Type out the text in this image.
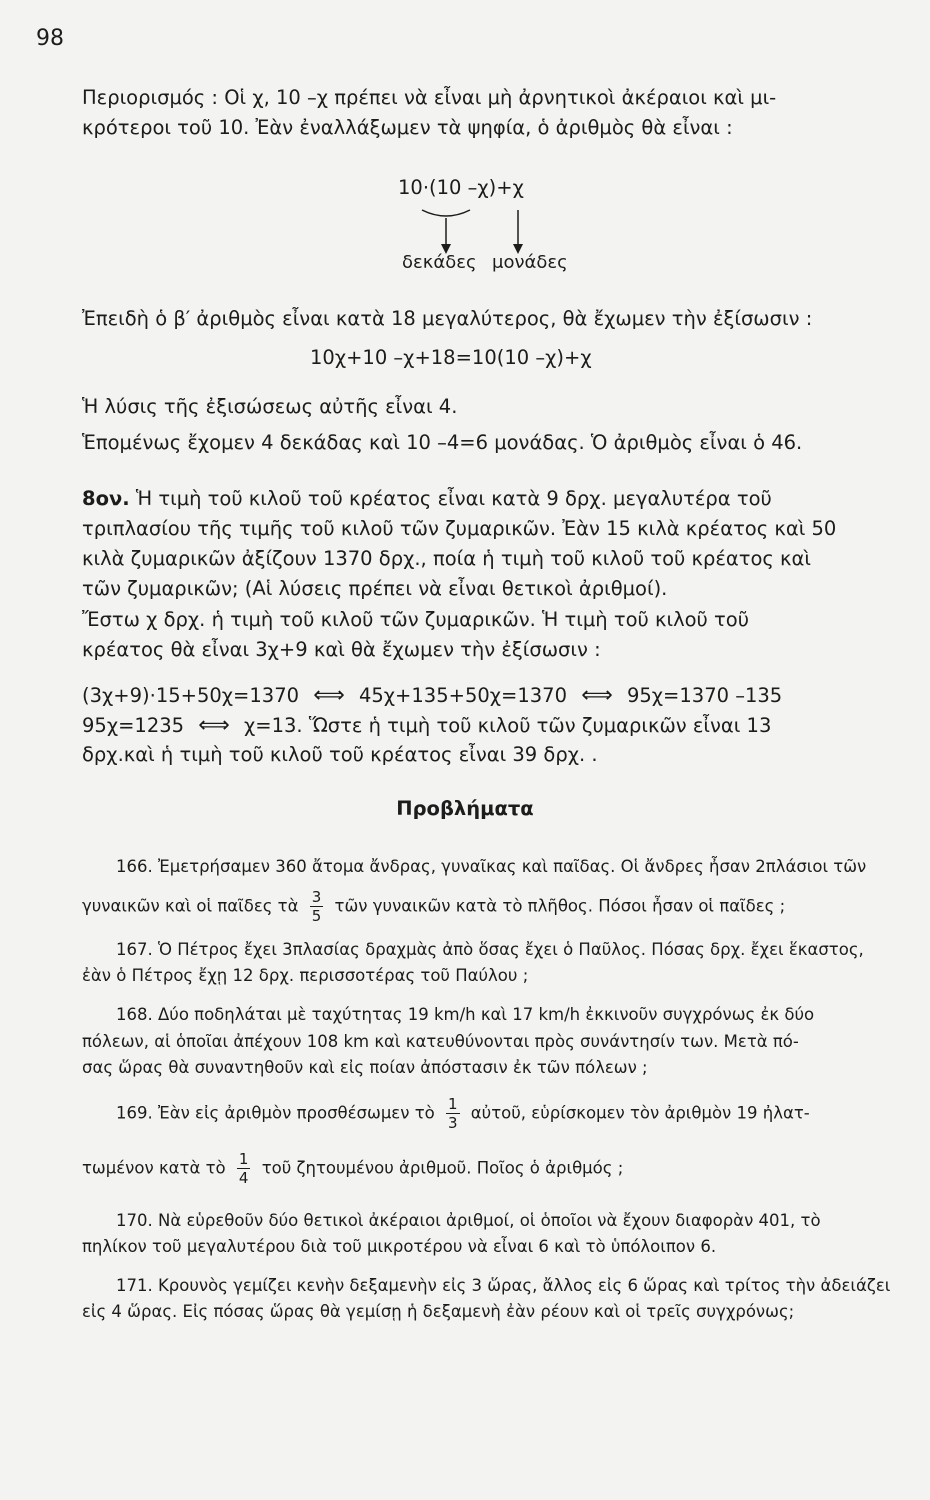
98
Περιορισμός : Οἱ χ, 10 –χ πρέπει νὰ εἶναι μὴ ἀρνητικοὶ ἀκέραιοι καὶ μι-
κρότεροι τοῦ 10. Ἐὰν ἐναλλάξωμεν τὰ ψηφία, ὁ ἀριθμὸς θὰ εἶναι :
10·(10 –χ)+χ
δεκάδες μονάδες
Ἐπειδὴ ὁ β′ ἀριθμὸς εἶναι κατὰ 18 μεγαλύτερος, θὰ ἔχωμεν τὴν ἐξίσωσιν :
10χ+10 –χ+18=10(10 –χ)+χ
Ἡ λύσις τῆς ἐξισώσεως αὐτῆς εἶναι 4.
Ἑπομένως ἔχομεν 4 δεκάδας καὶ 10 –4=6 μονάδας. Ὁ ἀριθμὸς εἶναι ὁ 46.
8ον. Ἡ τιμὴ τοῦ κιλοῦ τοῦ κρέατος εἶναι κατὰ 9 δρχ. μεγαλυτέρα τοῦ
τριπλασίου τῆς τιμῆς τοῦ κιλοῦ τῶν ζυμαρικῶν. Ἐὰν 15 κιλὰ κρέατος καὶ 50
κιλὰ ζυμαρικῶν ἀξίζουν 1370 δρχ., ποία ἡ τιμὴ τοῦ κιλοῦ τοῦ κρέατος καὶ
τῶν ζυμαρικῶν; (Αἱ λύσεις πρέπει νὰ εἶναι θετικοὶ ἀριθμοί).
Ἔστω χ δρχ. ἡ τιμὴ τοῦ κιλοῦ τῶν ζυμαρικῶν. Ἡ τιμὴ τοῦ κιλοῦ τοῦ
κρέατος θὰ εἶναι 3χ+9 καὶ θὰ ἔχωμεν τὴν ἐξίσωσιν :
(3χ+9)·15+50χ=1370 ⟺ 45χ+135+50χ=1370 ⟺ 95χ=1370 –135
95χ=1235 ⟺ χ=13. Ὥστε ἡ τιμὴ τοῦ κιλοῦ τῶν ζυμαρικῶν εἶναι 13
δρχ.καὶ ἡ τιμὴ τοῦ κιλοῦ τοῦ κρέατος εἶναι 39 δρχ. .
Προβλήματα
166. Ἐμετρήσαμεν 360 ἄτομα ἄνδρας, γυναῖκας καὶ παῖδας. Οἱ ἄνδρες ἦσαν 2πλάσιοι τῶν
γυναικῶν καὶ οἱ παῖδες τὰ $\frac{3}{5}$ τῶν γυναικῶν κατὰ τὸ πλῆθος. Πόσοι ἦσαν οἱ παῖδες ;
167. Ὁ Πέτρος ἔχει 3πλασίας δραχμὰς ἀπὸ ὅσας ἔχει ὁ Παῦλος. Πόσας δρχ. ἔχει ἕκαστος,
ἐὰν ὁ Πέτρος ἔχῃ 12 δρχ. περισσοτέρας τοῦ Παύλου ;
168. Δύο ποδηλάται μὲ ταχύτητας 19 km/h καὶ 17 km/h ἐκκινοῦν συγχρόνως ἐκ δύο
πόλεων, αἱ ὁποῖαι ἀπέχουν 108 km καὶ κατευθύνονται πρὸς συνάντησίν των. Μετὰ πό-
σας ὥρας θὰ συναντηθοῦν καὶ εἰς ποίαν ἀπόστασιν ἐκ τῶν πόλεων ;
169. Ἐὰν εἰς ἀριθμὸν προσθέσωμεν τὸ $\frac{1}{3}$ αὐτοῦ, εὑρίσκομεν τὸν ἀριθμὸν 19 ἠλατ-
τωμένον κατὰ τὸ $\frac{1}{4}$ τοῦ ζητουμένου ἀριθμοῦ. Ποῖος ὁ ἀριθμός ;
170. Νὰ εὑρεθοῦν δύο θετικοὶ ἀκέραιοι ἀριθμοί, οἱ ὁποῖοι νὰ ἔχουν διαφορὰν 401, τὸ
πηλίκον τοῦ μεγαλυτέρου διὰ τοῦ μικροτέρου νὰ εἶναι 6 καὶ τὸ ὑπόλοιπον 6.
171. Κρουνὸς γεμίζει κενὴν δεξαμενὴν εἰς 3 ὥρας, ἄλλος εἰς 6 ὥρας καὶ τρίτος τὴν ἀδειάζει
εἰς 4 ὥρας. Εἰς πόσας ὥρας θὰ γεμίσῃ ἡ δεξαμενὴ ἐὰν ρέουν καὶ οἱ τρεῖς συγχρόνως;
